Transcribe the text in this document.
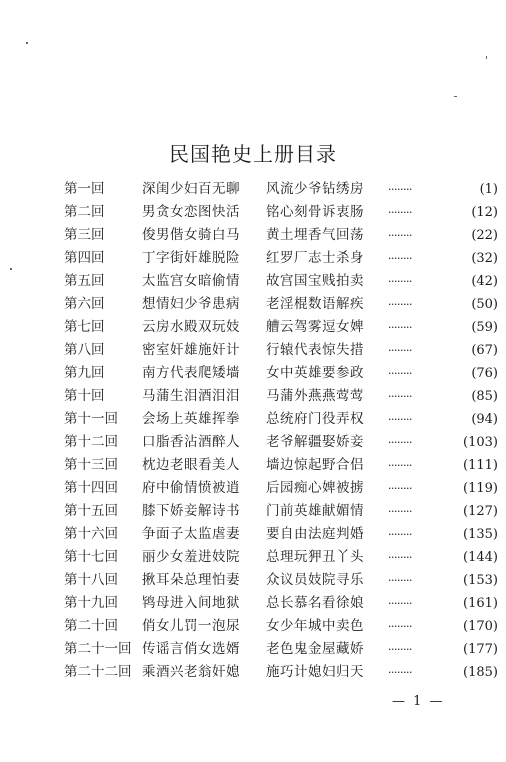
民国艳史上册目录
第一回	深闺少妇百无聊 风流少爷钻绣房 ········	(1)
第二回	男贪女恋图快活 铭心刻骨诉衷肠 ········	(12)
第三回	俊男偕女骑白马 黄土埋香气回荡 ········	(22)
第四回	丁字街奸雄脱险 红罗厂志士杀身 ········	(32)
第五回	太监宫女暗偷情 故宫国宝贱拍卖 ········	(42)
第六回	想情妇少爷患病 老淫棍数语解疾 ········	(50)
第七回	云房水殿双玩妓 艚云驾雾逗女婢 ········	(59)
第八回	密室奸雄施奸计 行辕代表惊失措 ········	(67)
第九回	南方代表爬矮墙 女中英雄要参政 ········	(76)
第十回	马蒲生泪酒泪泪 马蒲外燕燕莺莺 ········	(85)
第十一回 会场上英雄挥拳 总统府门役弄权 ········	(94)
第十二回 口脂香沾酒醉人 老爷解疆娶娇妾 ········	(103)
第十三回 枕边老眼看美人 墙边惊起野合侣 ········	(111)
第十四回 府中偷情愤被逍 后园痴心婢被掳 ········	(119)
第十五回 膝下娇妾解诗书 门前英雄献媚情 ········	(127)
第十六回 争面子太监虐妻 要自由法庭判婚 ········	(135)
第十七回 丽少女羞进妓院 总理玩狎丑丫头 ········	(144)
第十八回 揪耳朵总理怕妻 众议员妓院寻乐 ········	(153)
第十九回 鸨母进入间地狱 总长慕名看徐娘 ········	(161)
第二十回 俏女儿罚一泡尿 女少年城中卖色 ········	(170)
第二十一回 传谣言俏女选婿 老色鬼金屋藏娇 ········	(177)
第二十二回 乘酒兴老翁奸媳 施巧计媳妇归天 ········	(185)
— 1 —
